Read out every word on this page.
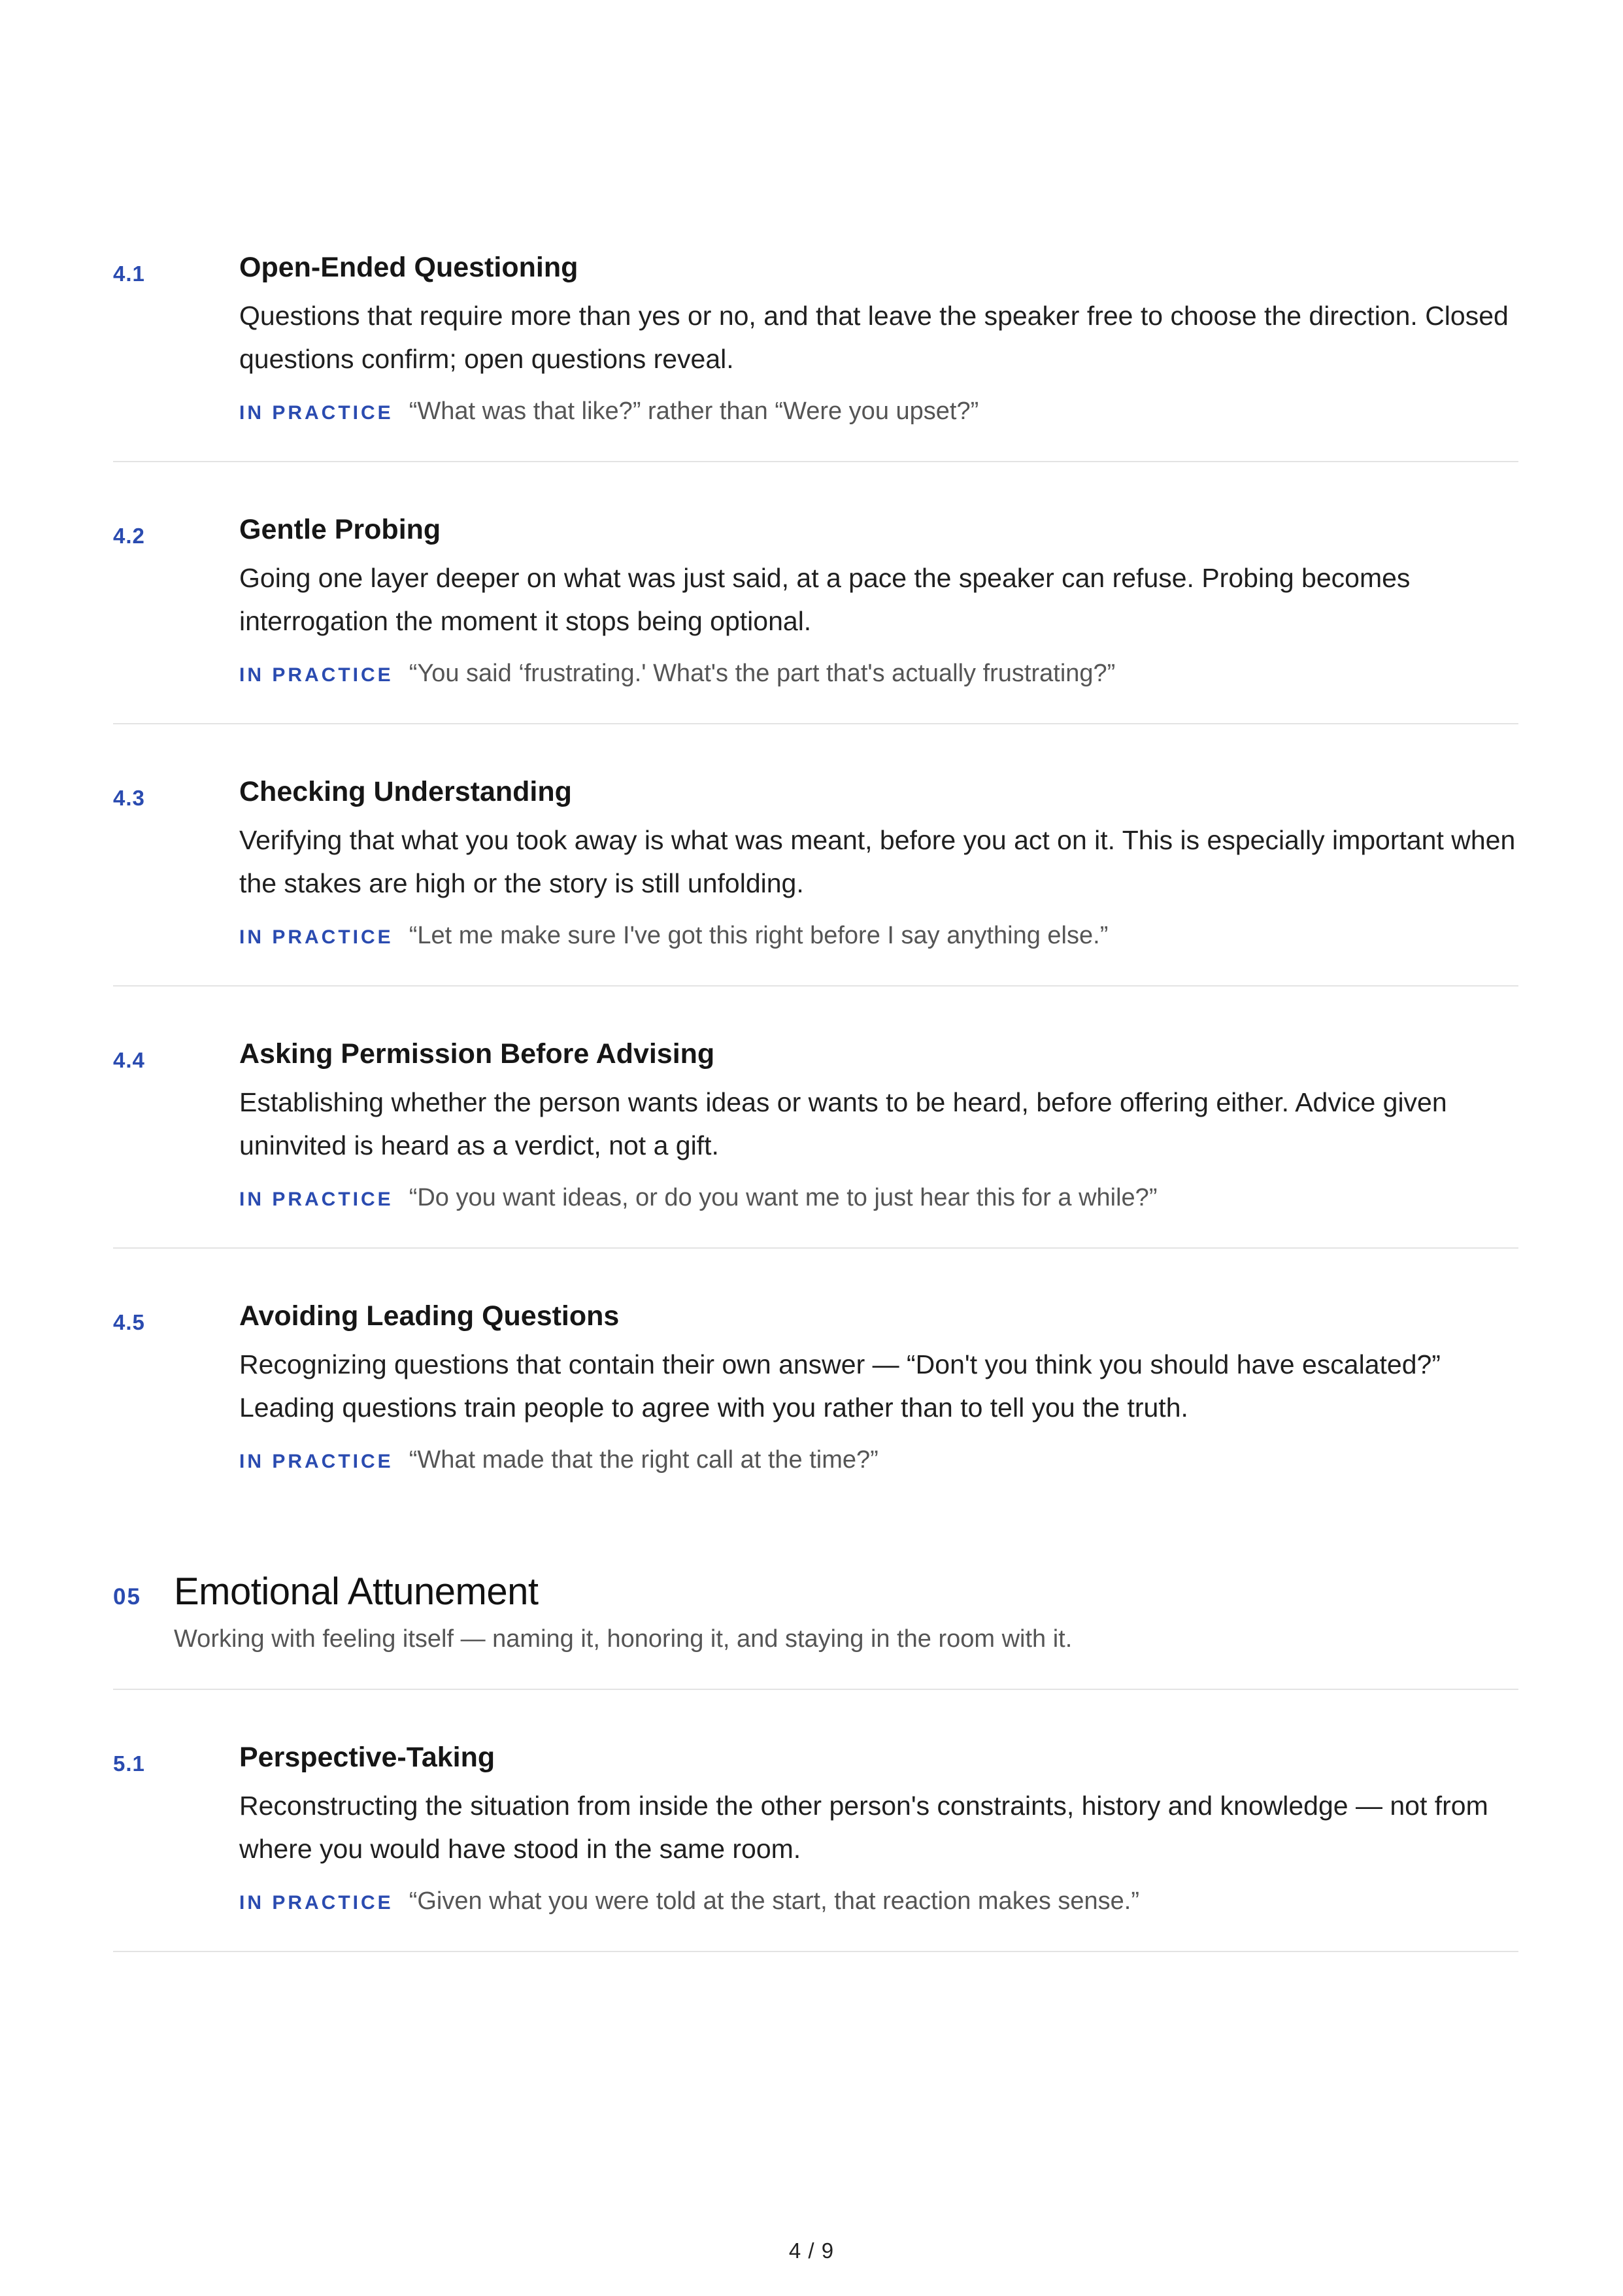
4.1	Open-Ended Questioning

Questions that require more than yes or no, and that leave the speaker free to choose the direction. Closed questions confirm; open questions reveal.

IN PRACTICE “What was that like?” rather than “Were you upset?”
4.2	Gentle Probing

Going one layer deeper on what was just said, at a pace the speaker can refuse. Probing becomes interrogation the moment it stops being optional.

IN PRACTICE “You said ‘frustrating.' What's the part that's actually frustrating?”
4.3	Checking Understanding

Verifying that what you took away is what was meant, before you act on it. This is especially important when the stakes are high or the story is still unfolding.

IN PRACTICE “Let me make sure I've got this right before I say anything else.”
4.4	Asking Permission Before Advising

Establishing whether the person wants ideas or wants to be heard, before offering either. Advice given uninvited is heard as a verdict, not a gift.

IN PRACTICE “Do you want ideas, or do you want me to just hear this for a while?”
4.5	Avoiding Leading Questions

Recognizing questions that contain their own answer — “Don't you think you should have escalated?” Leading questions train people to agree with you rather than to tell you the truth.

IN PRACTICE “What made that the right call at the time?”
05 Emotional Attunement

Working with feeling itself — naming it, honoring it, and staying in the room with it.

5.1	Perspective-Taking

Reconstructing the situation from inside the other person's constraints, history and knowledge — not from where you would have stood in the same room.

IN PRACTICE “Given what you were told at the start, that reaction makes sense.”
4 / 9
